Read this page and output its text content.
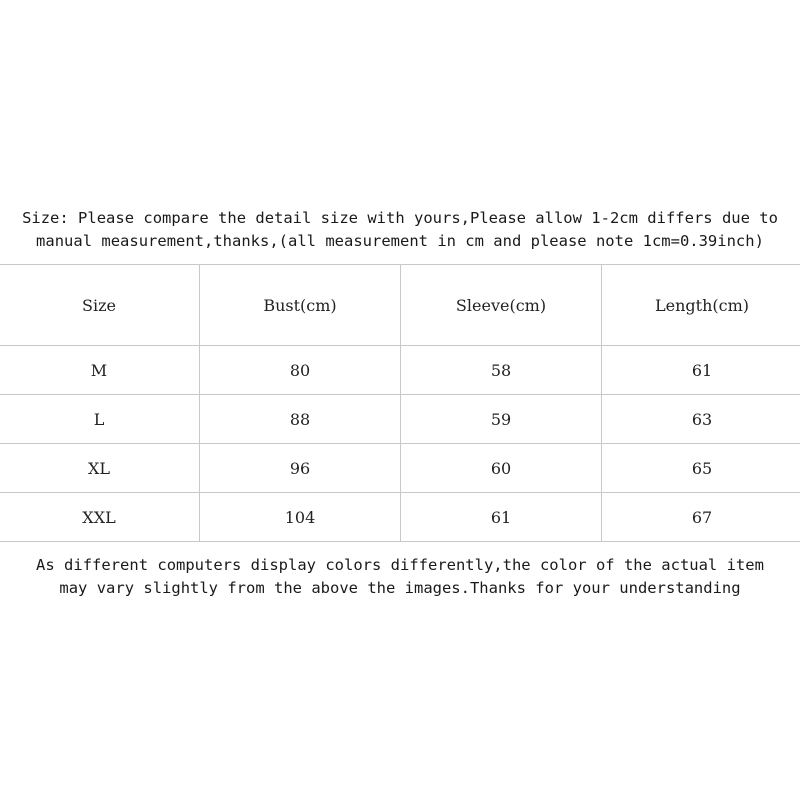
Size: Please compare the detail size with yours,Please allow 1-2cm differs due to
manual measurement,thanks,(all measurement in cm and please note 1cm=0.39inch)
Size	Bust(cm)	Sleeve(cm)	Length(cm)
M	80	58	61
L	88	59	63
XL	96	60	65
XXL	104	61	67
As different computers display colors differently,the color of the actual item
may vary slightly from the above the images.Thanks for your understanding
